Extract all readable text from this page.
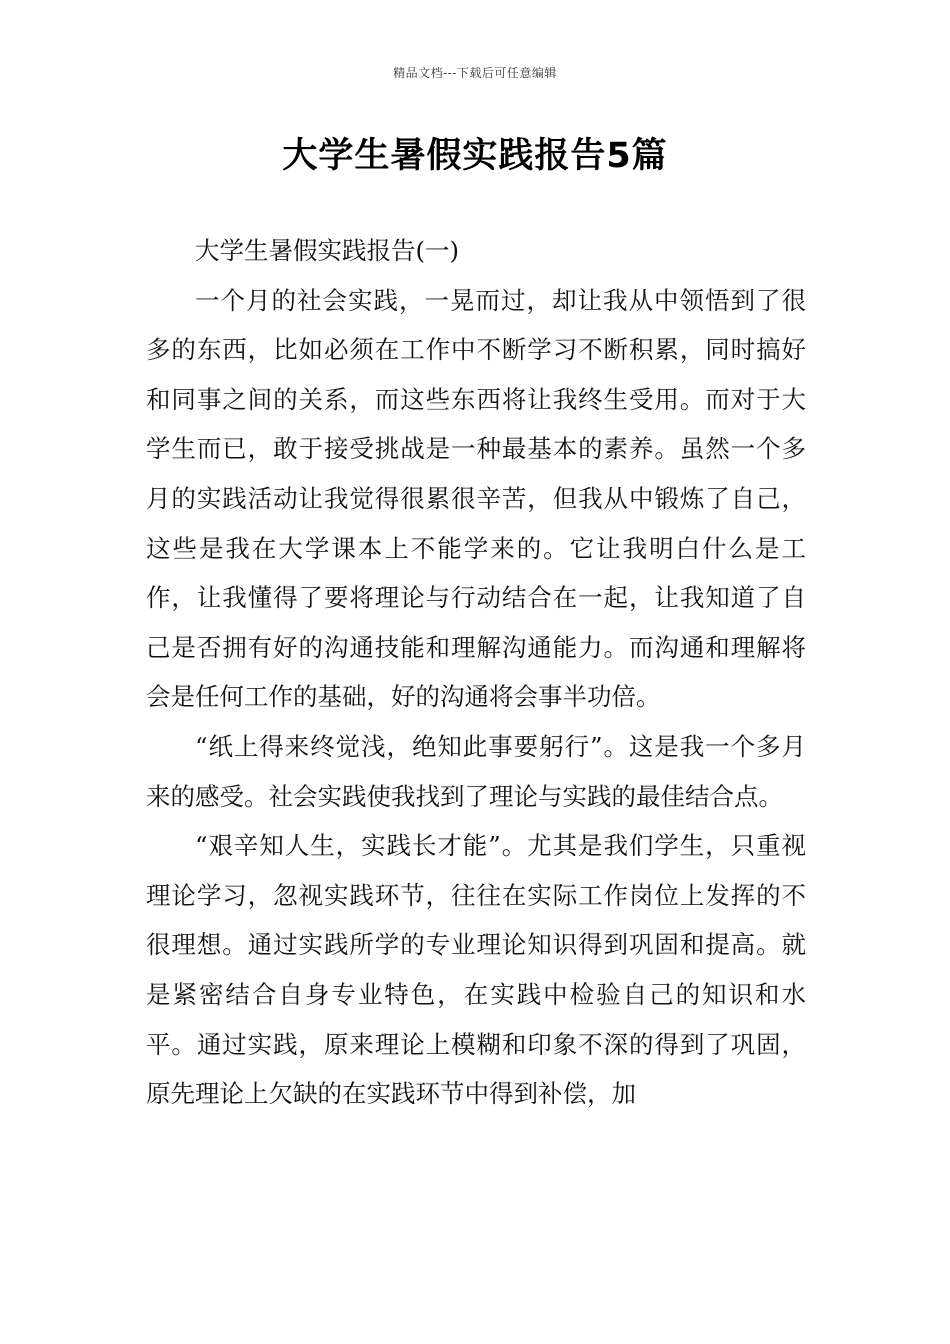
精品文档---下载后可任意编辑
大学生暑假实践报告5篇

大学生暑假实践报告(一)

一个月的社会实践，一晃而过，却让我从中领悟到了很多的东西，比如必须在工作中不断学习不断积累，同时搞好和同事之间的关系，而这些东西将让我终生受用。而对于大学生而已，敢于接受挑战是一种最基本的素养。虽然一个多月的实践活动让我觉得很累很辛苦，但我从中锻炼了自己，这些是我在大学课本上不能学来的。它让我明白什么是工作，让我懂得了要将理论与行动结合在一起，让我知道了自己是否拥有好的沟通技能和理解沟通能力。而沟通和理解将会是任何工作的基础，好的沟通将会事半功倍。

“纸上得来终觉浅，绝知此事要躬行”。这是我一个多月来的感受。社会实践使我找到了理论与实践的最佳结合点。

“艰辛知人生，实践长才能”。尤其是我们学生，只重视理论学习，忽视实践环节，往往在实际工作岗位上发挥的不很理想。通过实践所学的专业理论知识得到巩固和提高。就是紧密结合自身专业特色，在实践中检验自己的知识和水平。通过实践，原来理论上模糊和印象不深的得到了巩固，原先理论上欠缺的在实践环节中得到补偿，加
